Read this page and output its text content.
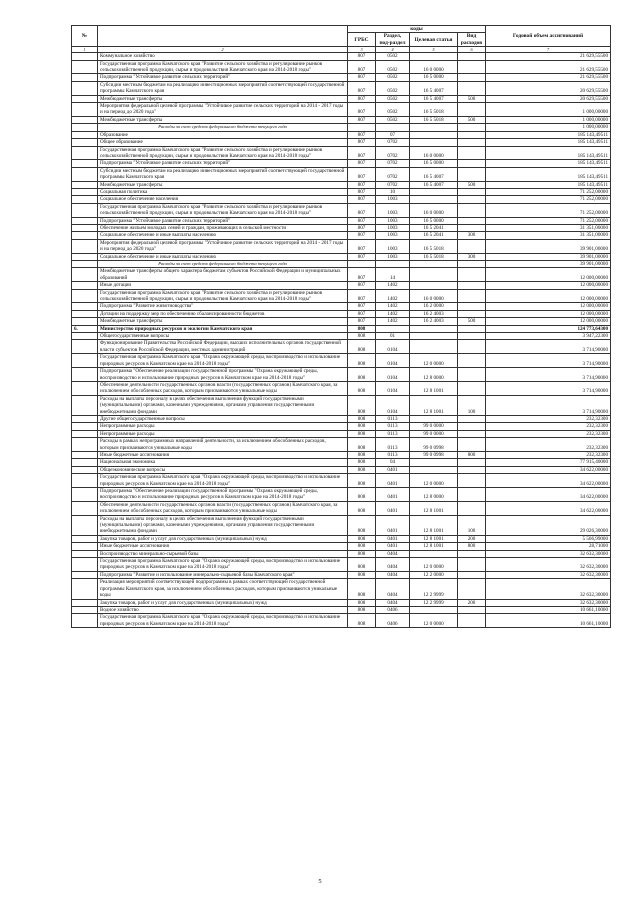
№		коды				Годовой объем ассигнований
		ГРБС	Раздел, под-раздел	Целевая статья	Вид расходов	
1	2	3	4	5	6	7
	Коммунальное хозяйство	807	0502			21 629,55500
	Государственная программа Камчатского края "Развитие сельского хозяйства и регулирование рынков сельскохозяйственной продукции, сырья и продовольствия Камчатского края на 2014-2018 годы"	807	0502	16 0 0000		21 629,55500
	Подпрограмма "Устойчивое развитие сельских территорий"	807	0502	16 5 0000		21 629,55500
	Субсидии местным бюджетам на реализацию инвестиционных мероприятий соответствующей государственной программы Камчатского края	807	0502	16 5 4007		20 629,55500
	Межбюджетные трансферты	807	0502	16 5 4007	500	20 629,55500
	Мероприятия федеральной целевой программы "Устойчивое развитие сельских территорий на 2014 - 2017 годы и на период до 2020 года"	807	0502	16 5 5018		1 000,00000
	Межбюджетные трансферты	807	0502	16 5 5018	500	1 000,00000
	Расходы за счет средств федерального бюджета текущего года					1 000,00000
	Образование	807	07			185 143,49511
	Общее образование	807	0702			185 143,49511
	Государственная программа Камчатского края "Развитие сельского хозяйства и регулирование рынков сельскохозяйственной продукции, сырья и продовольствия Камчатского края на 2014-2018 годы"	807	0702	16 0 0000		185 143,49511
	Подпрограмма "Устойчивое развитие сельских территорий"	807	0702	16 5 0000		185 143,49511
	Субсидии местным бюджетам на реализацию инвестиционных мероприятий соответствующей государственной программы Камчатского края	807	0702	16 5 4007		185 143,49511
	Межбюджетные трансферты	807	0702	16 5 4007	500	185 143,49511
	Социальная политика	807	10			71 252,00000
	Социальное обеспечение населения	807	1003			71 252,00000
	Государственная программа Камчатского края "Развитие сельского хозяйства и регулирование рынков сельскохозяйственной продукции, сырья и продовольствия Камчатского края на 2014-2018 годы"	807	1003	16 0 0000		71 252,00000
	Подпрограмма "Устойчивое развитие сельских территорий"	807	1003	16 5 0000		71 252,00000
	Обеспечение жильем молодых семей и граждан, проживающих в сельской местности	807	1003	16 5 2041		31 351,00000
	Социальное обеспечение и иные выплаты населению	807	1003	16 5 2041	300	31 351,00000
	Мероприятия федеральной целевой программы "Устойчивое развитие сельских территорий на 2014 - 2017 годы и на период до 2020 года"	807	1003	16 5 5018		39 901,00000
	Социальное обеспечение и иные выплаты населению	807	1003	16 5 5018	300	39 901,00000
	Расходы за счет средств федерального бюджета текущего года					39 901,00000
	Межбюджетные трансферты общего характера бюджетам субъектов Российской Федерации и муниципальных образований	807	14			12 000,00000
	Иные дотации	807	1402			12 000,00000
	Государственная программа Камчатского края "Развитие сельского хозяйства и регулирование рынков сельскохозяйственной продукции, сырья и продовольствия Камчатского края на 2014-2018 годы"	807	1402	16 0 0000		12 000,00000
	Подпрограмма "Развитие животноводства"	807	1402	16 2 0000		12 000,00000
	Дотации на поддержку мер по обеспечению сбалансированности бюджетов	807	1402	16 2 4003		12 000,00000
	Межбюджетные трансферты	807	1402	16 2 4003	500	12 000,00000
6.	Министерство природных ресурсов и экологии Камчатского края	808				124 773,64300
	Общегосударственные вопросы	808	01			3 947,22300
	Функционирование Правительства Российской Федерации, высших исполнительных органов государственной власти субъектов Российской Федерации, местных администраций	808	0104			3 714,90000
	Государственная программа Камчатского края "Охрана окружающей среды, воспроизводство и использование природных ресурсов в Камчатском крае на 2014-2018 годы"	808	0104	12 0 0000		3 714,90000
	Подпрограмма "Обеспечение реализации государственной программы "Охрана окружающей среды, воспроизводство и использование природных ресурсов в Камчатском крае на 2014-2018 годы"	808	0104	12 8 0000		3 714,90000
	Обеспечение деятельности государственных органов власти (государственных органов) Камчатского края, за исключением обособленных расходов, которым присваиваются уникальные коды	808	0104	12 8 1001		3 714,90000
	Расходы на выплаты персоналу в целях обеспечения выполнения функций государственными (муниципальными) органами, казенными учреждениями, органами управления государственными внебюджетными фондами	808	0104	12 8 1001	100	3 714,90000
	Другие общегосударственные вопросы	808	0113			232,32300
	Непрограммные расходы	808	0113	99 0 0000		232,32300
	Непрограммные расходы	808	0113	99 0 0000		232,32300
	Расходы в рамках непрограммных направлений деятельности, за исключением обособленных расходов, которым присваиваются уникальные коды	808	0113	99 0 0998		232,32300
	Иные бюджетные ассигнования	808	0113	99 0 0998	800	232,32300
	Национальная экономика	808	04			77 915,40000
	Общеэкономические вопросы	808	0401			34 622,00000
	Государственная программа Камчатского края "Охрана окружающей среды, воспроизводство и использование природных ресурсов в Камчатском крае на 2014-2018 годы"	808	0401	12 0 0000		34 622,00000
	Подпрограмма "Обеспечение реализации государственной программы "Охрана окружающей среды, воспроизводство и использование природных ресурсов в Камчатском крае на 2014-2018 годы"	808	0401	12 8 0000		34 622,00000
	Обеспечение деятельности государственных органов власти (государственных органов) Камчатского края, за исключением обособленных расходов, которым присваиваются уникальные коды	808	0401	12 8 1001		34 622,00000
	Расходы на выплаты персоналу в целях обеспечения выполнения функций государственными (муниципальными) органами, казенными учреждениями, органами управления государственными внебюджетными фондами	808	0401	12 8 1001	100	29 026,30000
	Закупка товаров, работ и услуг для государственных (муниципальных) нужд	808	0401	12 8 1001	200	5 566,99000
	Иные бюджетные ассигнования	808	0401	12 8 1001	800	28,71000
	Воспроизводство минерально-сырьевой базы	808	0404			32 632,30000
	Государственная программа Камчатского края "Охрана окружающей среды, воспроизводство и использование природных ресурсов в Камчатском крае на 2014-2018 годы"	808	0404	12 0 0000		32 632,30000
	Подпрограмма "Развитие и использование минерально-сырьевой базы Камчатского края"	808	0404	12 2 0000		32 632,30000
	Реализация мероприятий соответствующей подпрограммы в рамках соответствующей государственной программы Камчатского края, за исключением обособленных расходов, которым присваиваются уникальные коды	808	0404	12 2 9999		32 632,30000
	Закупка товаров, работ и услуг для государственных (муниципальных) нужд	808	0404	12 2 9999	200	32 632,30000
	Водное хозяйство	808	0406			10 661,10000
	Государственная программа Камчатского края "Охрана окружающей среды, воспроизводство и использование природных ресурсов в Камчатском крае на 2014-2018 годы"	808	0406	12 0 0000		10 661,10000
5
